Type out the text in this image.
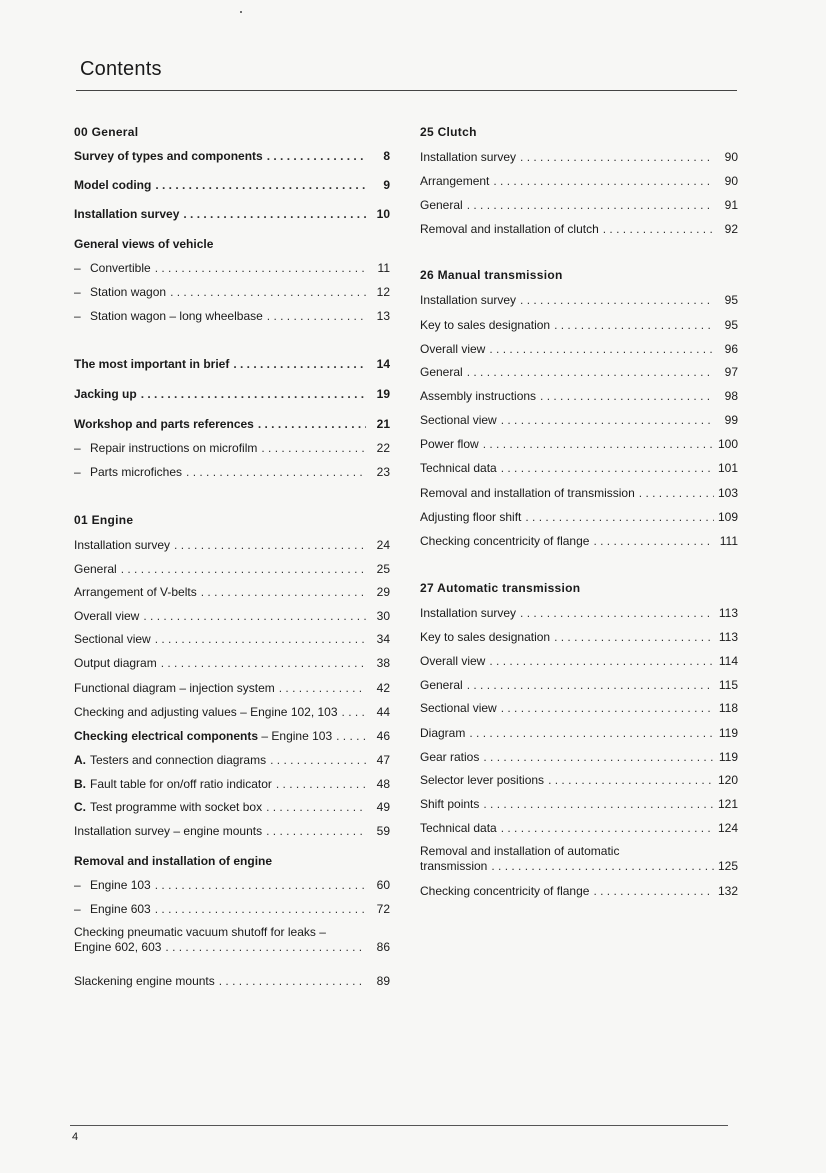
Contents
00 General
Survey of types and components . . .	8
Model coding . . .	9
Installation survey . . .	10
General views of vehicle
– Convertible . . .	11
– Station wagon . . .	12
– Station wagon – long wheelbase . . .	13
The most important in brief . . .	14
Jacking up . . .	19
Workshop and parts references . . .	21
– Repair instructions on microfilm . . .	22
– Parts microfiches . . .	23
01 Engine
Installation survey . . .	24
General . . .	25
Arrangement of V-belts . . .	29
Overall view . . .	30
Sectional view . . .	34
Output diagram . . .	38
Functional diagram – injection system . . .	42
Checking and adjusting values – Engine 102, 103 . . .	44
Checking electrical components – Engine 103 . . .	46
A. Testers and connection diagrams . . .	47
B. Fault table for on/off ratio indicator . . .	48
C. Test programme with socket box . . .	49
Installation survey – engine mounts . . .	59
Removal and installation of engine
– Engine 103 . . .	60
– Engine 603 . . .	72
Checking pneumatic vacuum shutoff for leaks –
Engine 602, 603 . . .	86
Slackening engine mounts . . .	89
25 Clutch
Installation survey . . .	90
Arrangement . . .	90
General . . .	91
Removal and installation of clutch . . .	92
26 Manual transmission
Installation survey . . .	95
Key to sales designation . . .	95
Overall view . . .	96
General . . .	97
Assembly instructions . . .	98
Sectional view . . .	99
Power flow . . .	100
Technical data . . .	101
Removal and installation of transmission . . .	103
Adjusting floor shift . . .	109
Checking concentricity of flange . . .	111
27 Automatic transmission
Installation survey . . .	113
Key to sales designation . . .	113
Overall view . . .	114
General . . .	115
Sectional view . . .	118
Diagram . . .	119
Gear ratios . . .	119
Selector lever positions . . .	120
Shift points . . .	121
Technical data . . .	124
Removal and installation of automatic
transmission . . .	125
Checking concentricity of flange . . .	132
4
